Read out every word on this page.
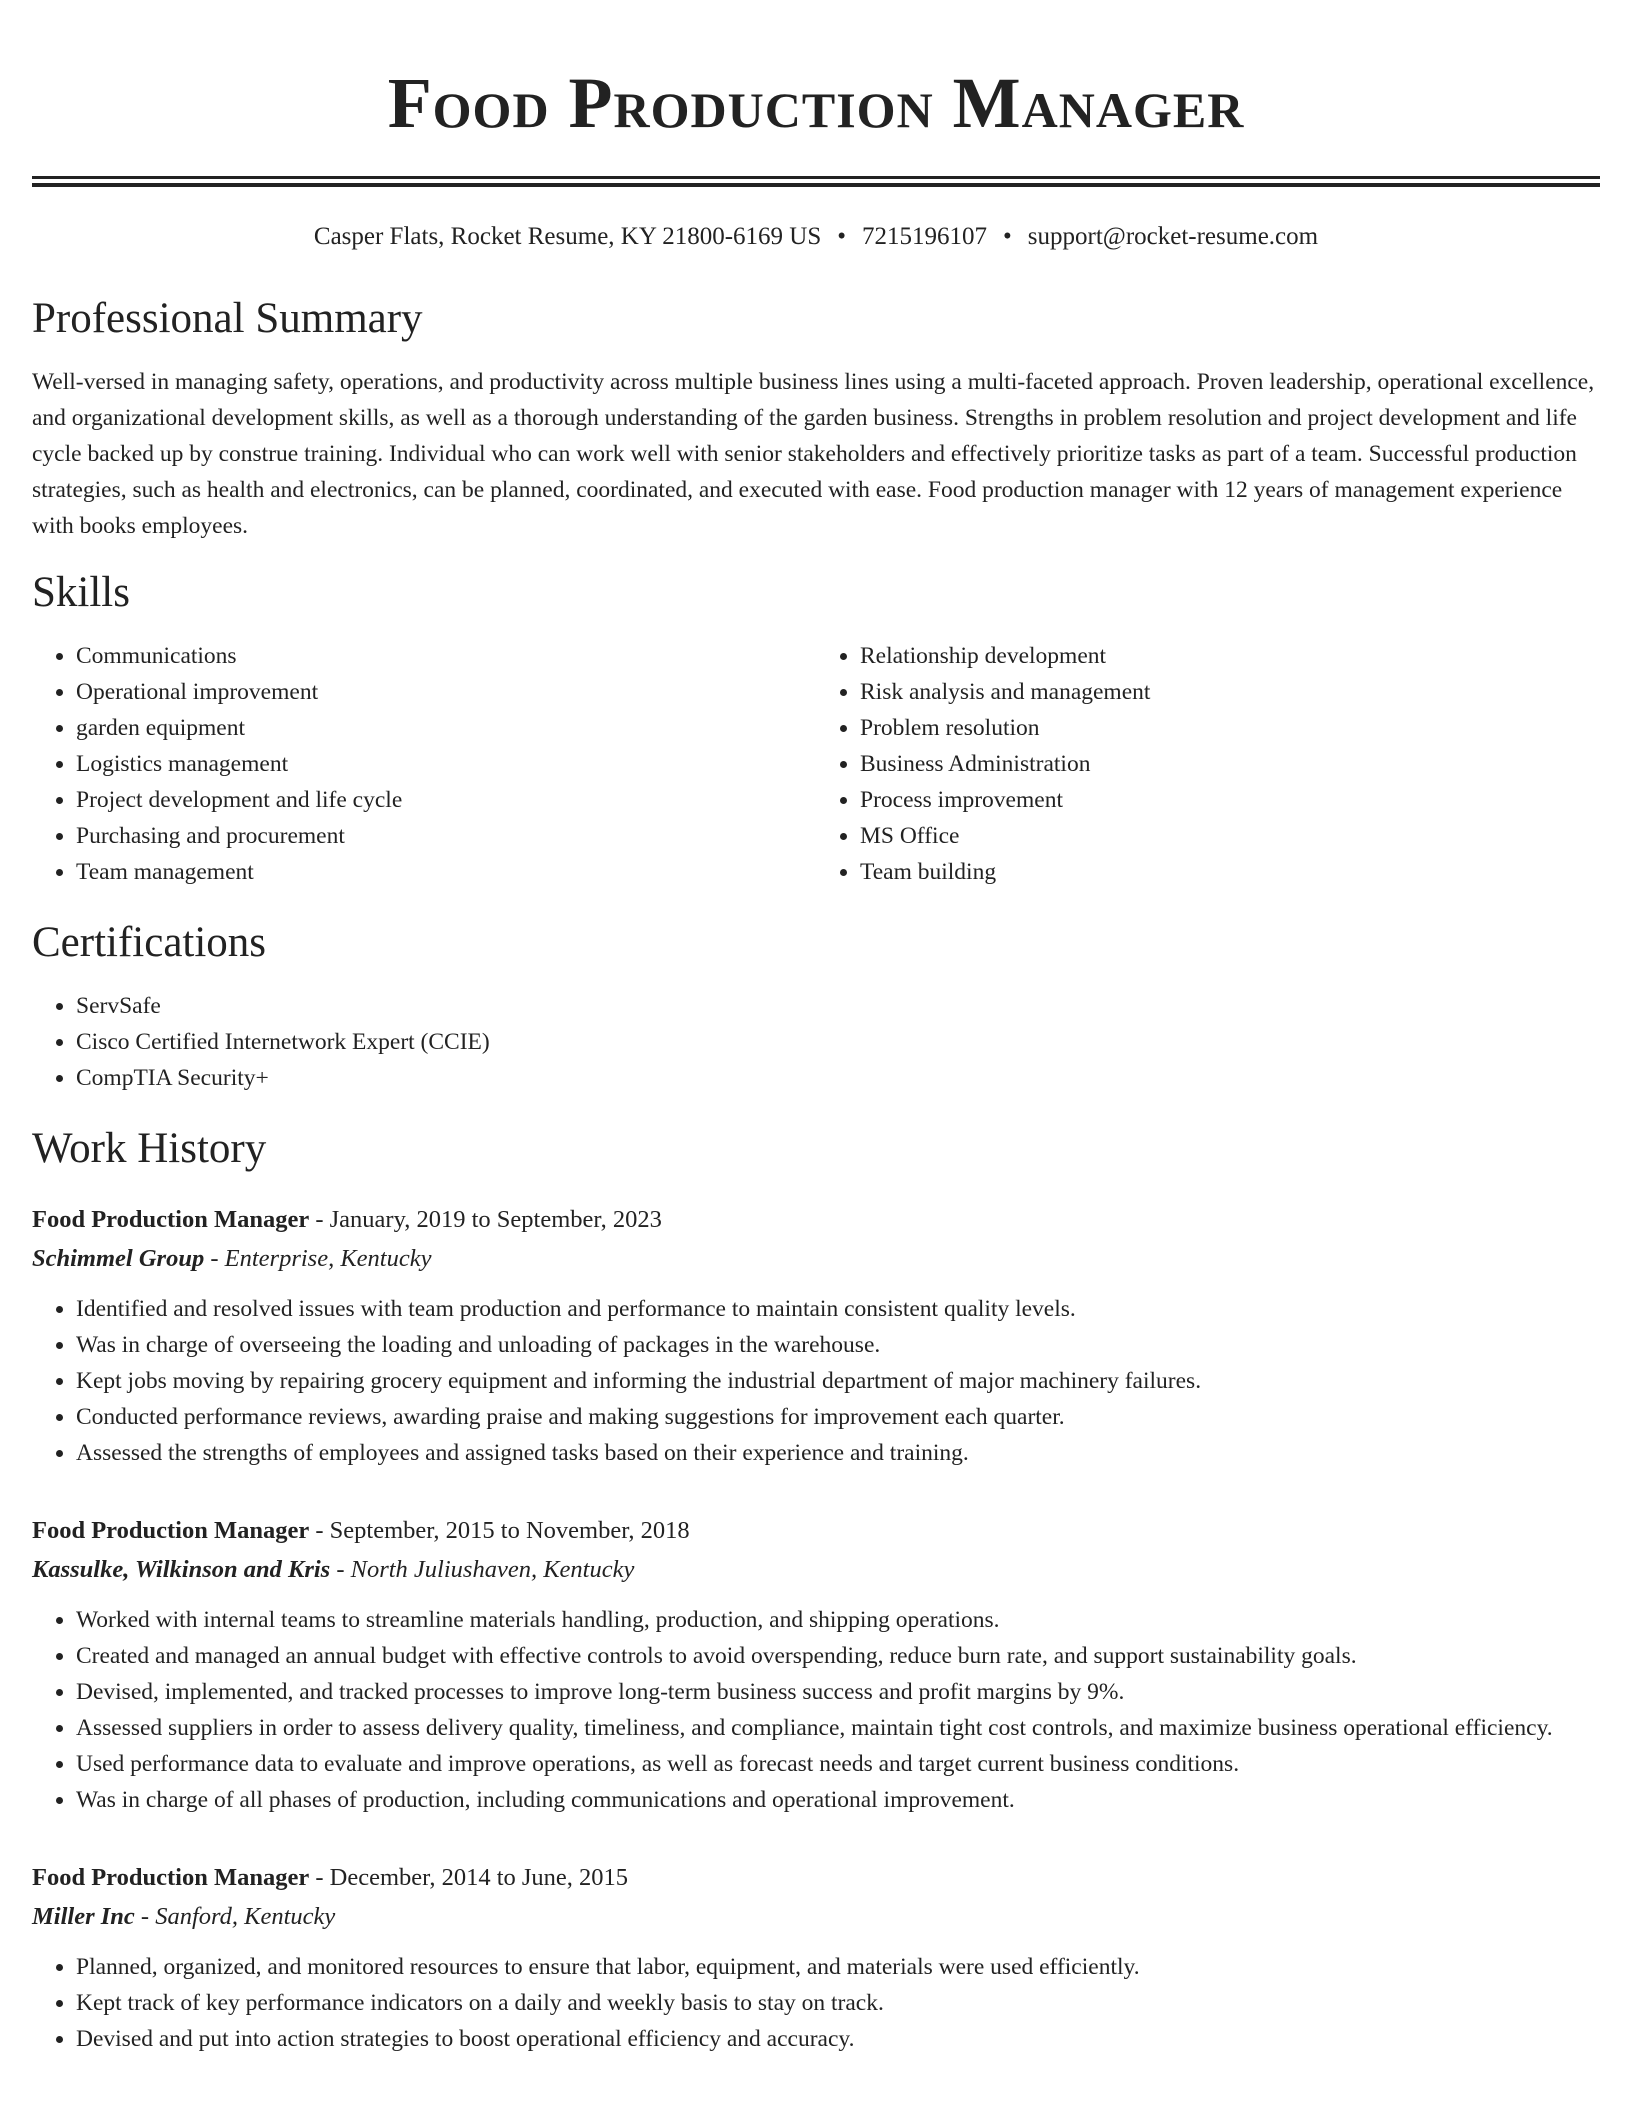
Food Production Manager
Casper Flats, Rocket Resume, KY 21800-6169 US • 7215196107 • support@rocket-resume.com
Professional Summary

Well-versed in managing safety, operations, and productivity across multiple business lines using a multi-faceted approach. Proven leadership, operational excellence, and organizational development skills, as well as a thorough understanding of the garden business. Strengths in problem resolution and project development and life cycle backed up by construe training. Individual who can work well with senior stakeholders and effectively prioritize tasks as part of a team. Successful production strategies, such as health and electronics, can be planned, coordinated, and executed with ease. Food production manager with 12 years of management experience with books employees.

Skills
• Communications
• Operational improvement
• garden equipment
• Logistics management
• Project development and life cycle
• Purchasing and procurement
• Team management
• Relationship development
• Risk analysis and management
• Problem resolution
• Business Administration
• Process improvement
• MS Office
• Team building
Certifications
• ServSafe
• Cisco Certified Internetwork Expert (CCIE)
• CompTIA Security+
Work History
Food Production Manager - January, 2019 to September, 2023
Schimmel Group - Enterprise, Kentucky
• Identified and resolved issues with team production and performance to maintain consistent quality levels.
• Was in charge of overseeing the loading and unloading of packages in the warehouse.
• Kept jobs moving by repairing grocery equipment and informing the industrial department of major machinery failures.
• Conducted performance reviews, awarding praise and making suggestions for improvement each quarter.
• Assessed the strengths of employees and assigned tasks based on their experience and training.
Food Production Manager - September, 2015 to November, 2018
Kassulke, Wilkinson and Kris - North Juliushaven, Kentucky
• Worked with internal teams to streamline materials handling, production, and shipping operations.
• Created and managed an annual budget with effective controls to avoid overspending, reduce burn rate, and support sustainability goals.
• Devised, implemented, and tracked processes to improve long-term business success and profit margins by 9%.
• Assessed suppliers in order to assess delivery quality, timeliness, and compliance, maintain tight cost controls, and maximize business operational efficiency.
• Used performance data to evaluate and improve operations, as well as forecast needs and target current business conditions.
• Was in charge of all phases of production, including communications and operational improvement.
Food Production Manager - December, 2014 to June, 2015
Miller Inc - Sanford, Kentucky
• Planned, organized, and monitored resources to ensure that labor, equipment, and materials were used efficiently.
• Kept track of key performance indicators on a daily and weekly basis to stay on track.
• Devised and put into action strategies to boost operational efficiency and accuracy.
